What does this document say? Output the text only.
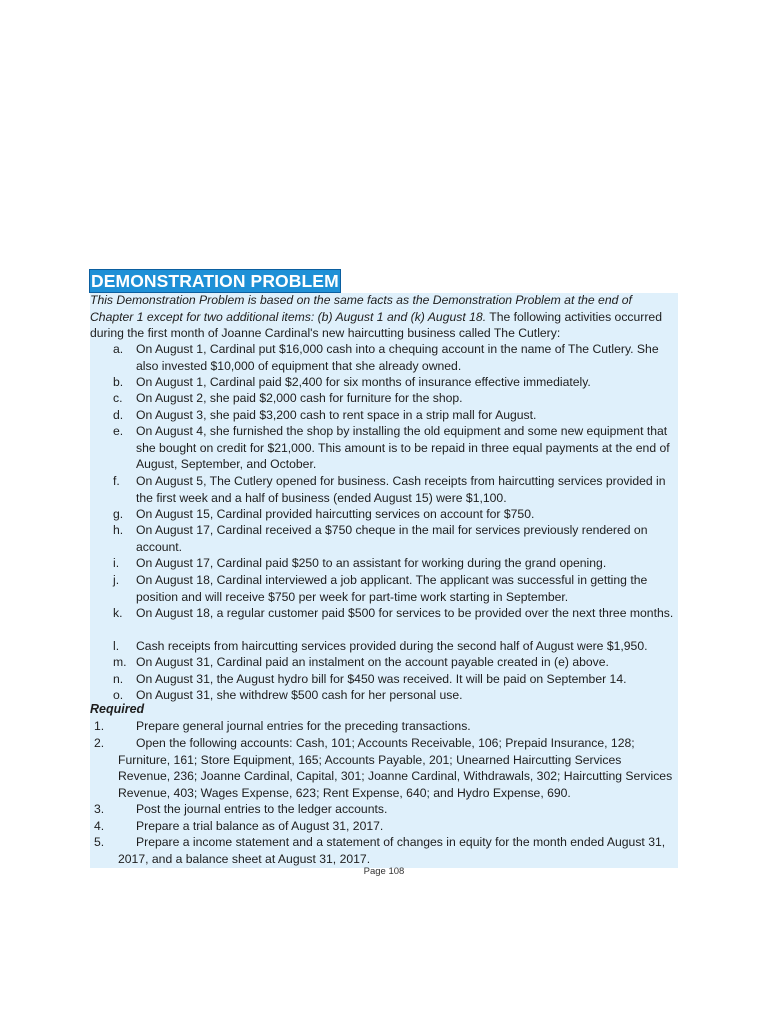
DEMONSTRATION PROBLEM
This Demonstration Problem is based on the same facts as the Demonstration Problem at the end of Chapter 1 except for two additional items: (b) August 1 and (k) August 18. The following activities occurred during the first month of Joanne Cardinal's new haircutting business called The Cutlery:
a.	On August 1, Cardinal put $16,000 cash into a chequing account in the name of The Cutlery. She also invested $10,000 of equipment that she already owned.
b.	On August 1, Cardinal paid $2,400 for six months of insurance effective immediately.
c.	On August 2, she paid $2,000 cash for furniture for the shop.
d.	On August 3, she paid $3,200 cash to rent space in a strip mall for August.
e.	On August 4, she furnished the shop by installing the old equipment and some new equipment that she bought on credit for $21,000. This amount is to be repaid in three equal payments at the end of August, September, and October.
f.	On August 5, The Cutlery opened for business. Cash receipts from haircutting services provided in the first week and a half of business (ended August 15) were $1,100.
g.	On August 15, Cardinal provided haircutting services on account for $750.
h.	On August 17, Cardinal received a $750 cheque in the mail for services previously rendered on account.
i.	On August 17, Cardinal paid $250 to an assistant for working during the grand opening.
j.	On August 18, Cardinal interviewed a job applicant. The applicant was successful in getting the position and will receive $750 per week for part-time work starting in September.
k.	On August 18, a regular customer paid $500 for services to be provided over the next three months.
l.	Cash receipts from haircutting services provided during the second half of August were $1,950.
m. On August 31, Cardinal paid an instalment on the account payable created in (e) above.
n.	On August 31, the August hydro bill for $450 was received. It will be paid on September 14.
o.	On August 31, she withdrew $500 cash for her personal use.
Required
1.	Prepare general journal entries for the preceding transactions.
2.	Open the following accounts: Cash, 101; Accounts Receivable, 106; Prepaid Insurance, 128; Furniture, 161; Store Equipment, 165; Accounts Payable, 201; Unearned Haircutting Services Revenue, 236; Joanne Cardinal, Capital, 301; Joanne Cardinal, Withdrawals, 302; Haircutting Services Revenue, 403; Wages Expense, 623; Rent Expense, 640; and Hydro Expense, 690.
3.	Post the journal entries to the ledger accounts.
4.	Prepare a trial balance as of August 31, 2017.
5.	Prepare a income statement and a statement of changes in equity for the month ended August 31, 2017, and a balance sheet at August 31, 2017.
Page 108
